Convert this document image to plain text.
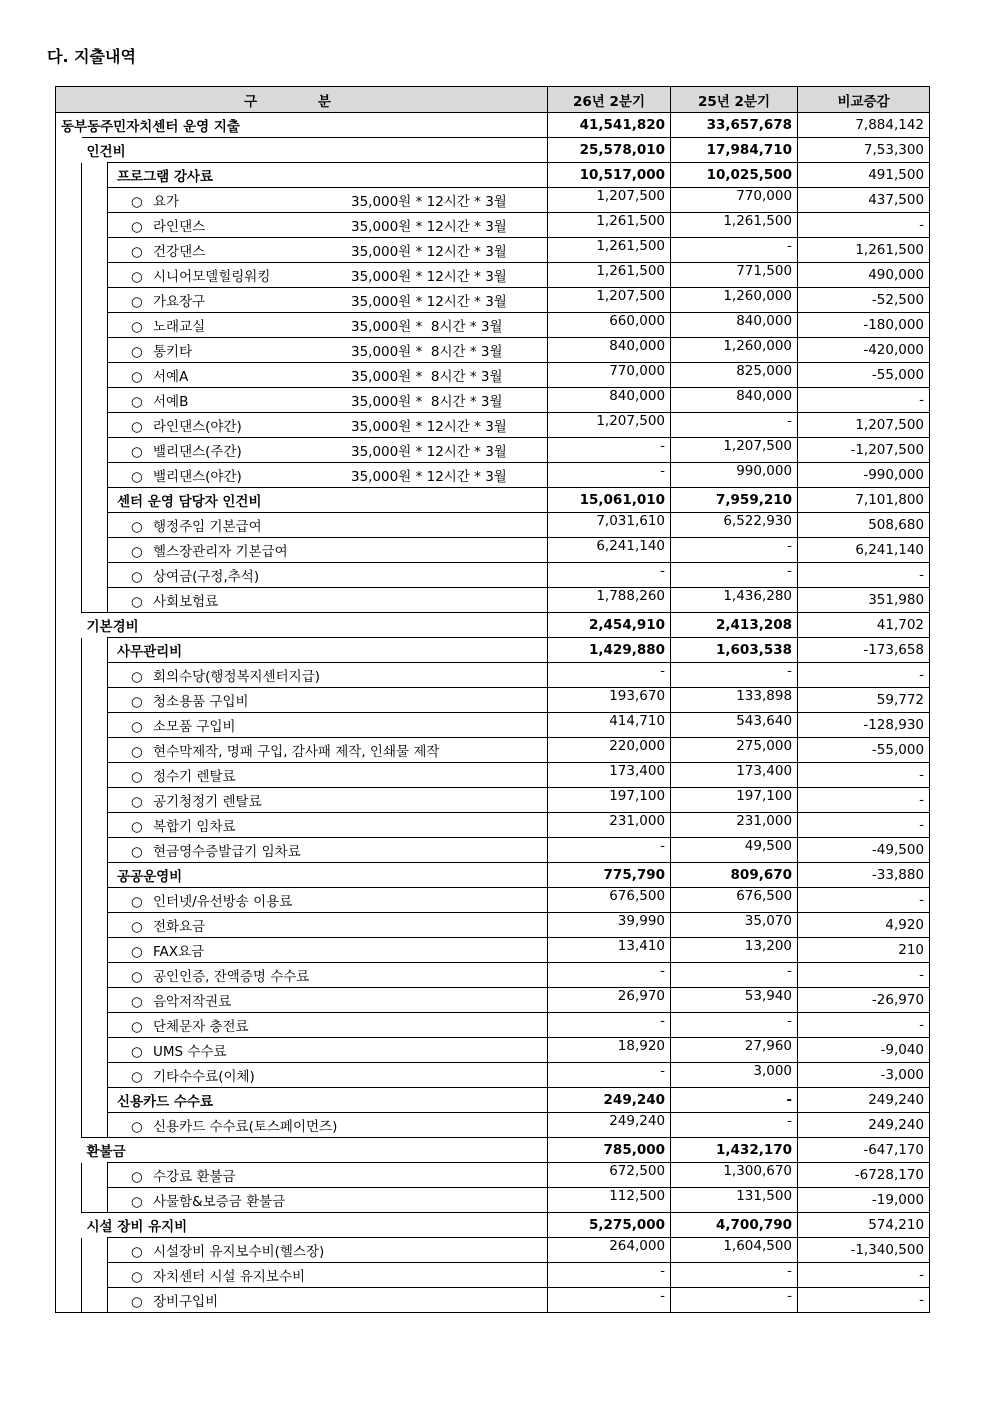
다. 지출내역
구 분			26년 2분기	25년 2분기	비교증감
동부동주민자치센터 운영 지출			41,541,820	33,657,678	7,884,142
	인건비		25,578,010	17,984,710	7,53,300
		프로그램 강사료	10,517,000	10,025,500	491,500
		○ 요가 35,000원 * 12시간 * 3월	1,207,500	770,000	437,500
		○ 라인댄스 35,000원 * 12시간 * 3월	1,261,500	1,261,500	-
		○ 건강댄스 35,000원 * 12시간 * 3월	1,261,500	-	1,261,500
		○ 시니어모델힐링워킹 35,000원 * 12시간 * 3월	1,261,500	771,500	490,000
		○ 가요장구 35,000원 * 12시간 * 3월	1,207,500	1,260,000	-52,500
		○ 노래교실 35,000원 *  8시간 * 3월	660,000	840,000	-180,000
		○ 통키타 35,000원 *  8시간 * 3월	840,000	1,260,000	-420,000
		○ 서예A 35,000원 *  8시간 * 3월	770,000	825,000	-55,000
		○ 서예B 35,000원 *  8시간 * 3월	840,000	840,000	-
		○ 라인댄스(야간) 35,000원 * 12시간 * 3월	1,207,500	-	1,207,500
		○ 밸리댄스(주간) 35,000원 * 12시간 * 3월	-	1,207,500	-1,207,500
		○ 밸리댄스(야간) 35,000원 * 12시간 * 3월	-	990,000	-990,000
		센터 운영 담당자 인건비	15,061,010	7,959,210	7,101,800
		○ 행정주임 기본급여	7,031,610	6,522,930	508,680
		○ 헬스장관리자 기본급여	6,241,140	-	6,241,140
		○ 상여금(구정,추석)	-	-	-
		○ 사회보험료	1,788,260	1,436,280	351,980
	기본경비		2,454,910	2,413,208	41,702
		사무관리비	1,429,880	1,603,538	-173,658
		○ 회의수당(행정복지센터지급)	-	-	-
		○ 청소용품 구입비	193,670	133,898	59,772
		○ 소모품 구입비	414,710	543,640	-128,930
		○ 현수막제작, 명패 구입, 감사패 제작, 인쇄물 제작	220,000	275,000	-55,000
		○ 정수기 렌탈료	173,400	173,400	-
		○ 공기청정기 렌탈료	197,100	197,100	-
		○ 복합기 임차료	231,000	231,000	-
		○ 현금영수증발급기 임차료	-	49,500	-49,500
		공공운영비	775,790	809,670	-33,880
		○ 인터넷/유선방송 이용료	676,500	676,500	-
		○ 전화요금	39,990	35,070	4,920
		○ FAX요금	13,410	13,200	210
		○ 공인인증, 잔액증명 수수료	-	-	-
		○ 음악저작권료	26,970	53,940	-26,970
		○ 단체문자 충전료	-	-	-
		○ UMS 수수료	18,920	27,960	-9,040
		○ 기타수수료(이체)	-	3,000	-3,000
		신용카드 수수료	249,240	-	249,240
		○ 신용카드 수수료(토스페이먼즈)	249,240	-	249,240
	환불금		785,000	1,432,170	-647,170
		○ 수강료 환불금	672,500	1,300,670	-6728,170
		○ 사물함&보증금 환불금	112,500	131,500	-19,000
	시설 장비 유지비		5,275,000	4,700,790	574,210
		○ 시설장비 유지보수비(헬스장)	264,000	1,604,500	-1,340,500
		○ 자치센터 시설 유지보수비	-	-	-
		○ 장비구입비	-	-	-
